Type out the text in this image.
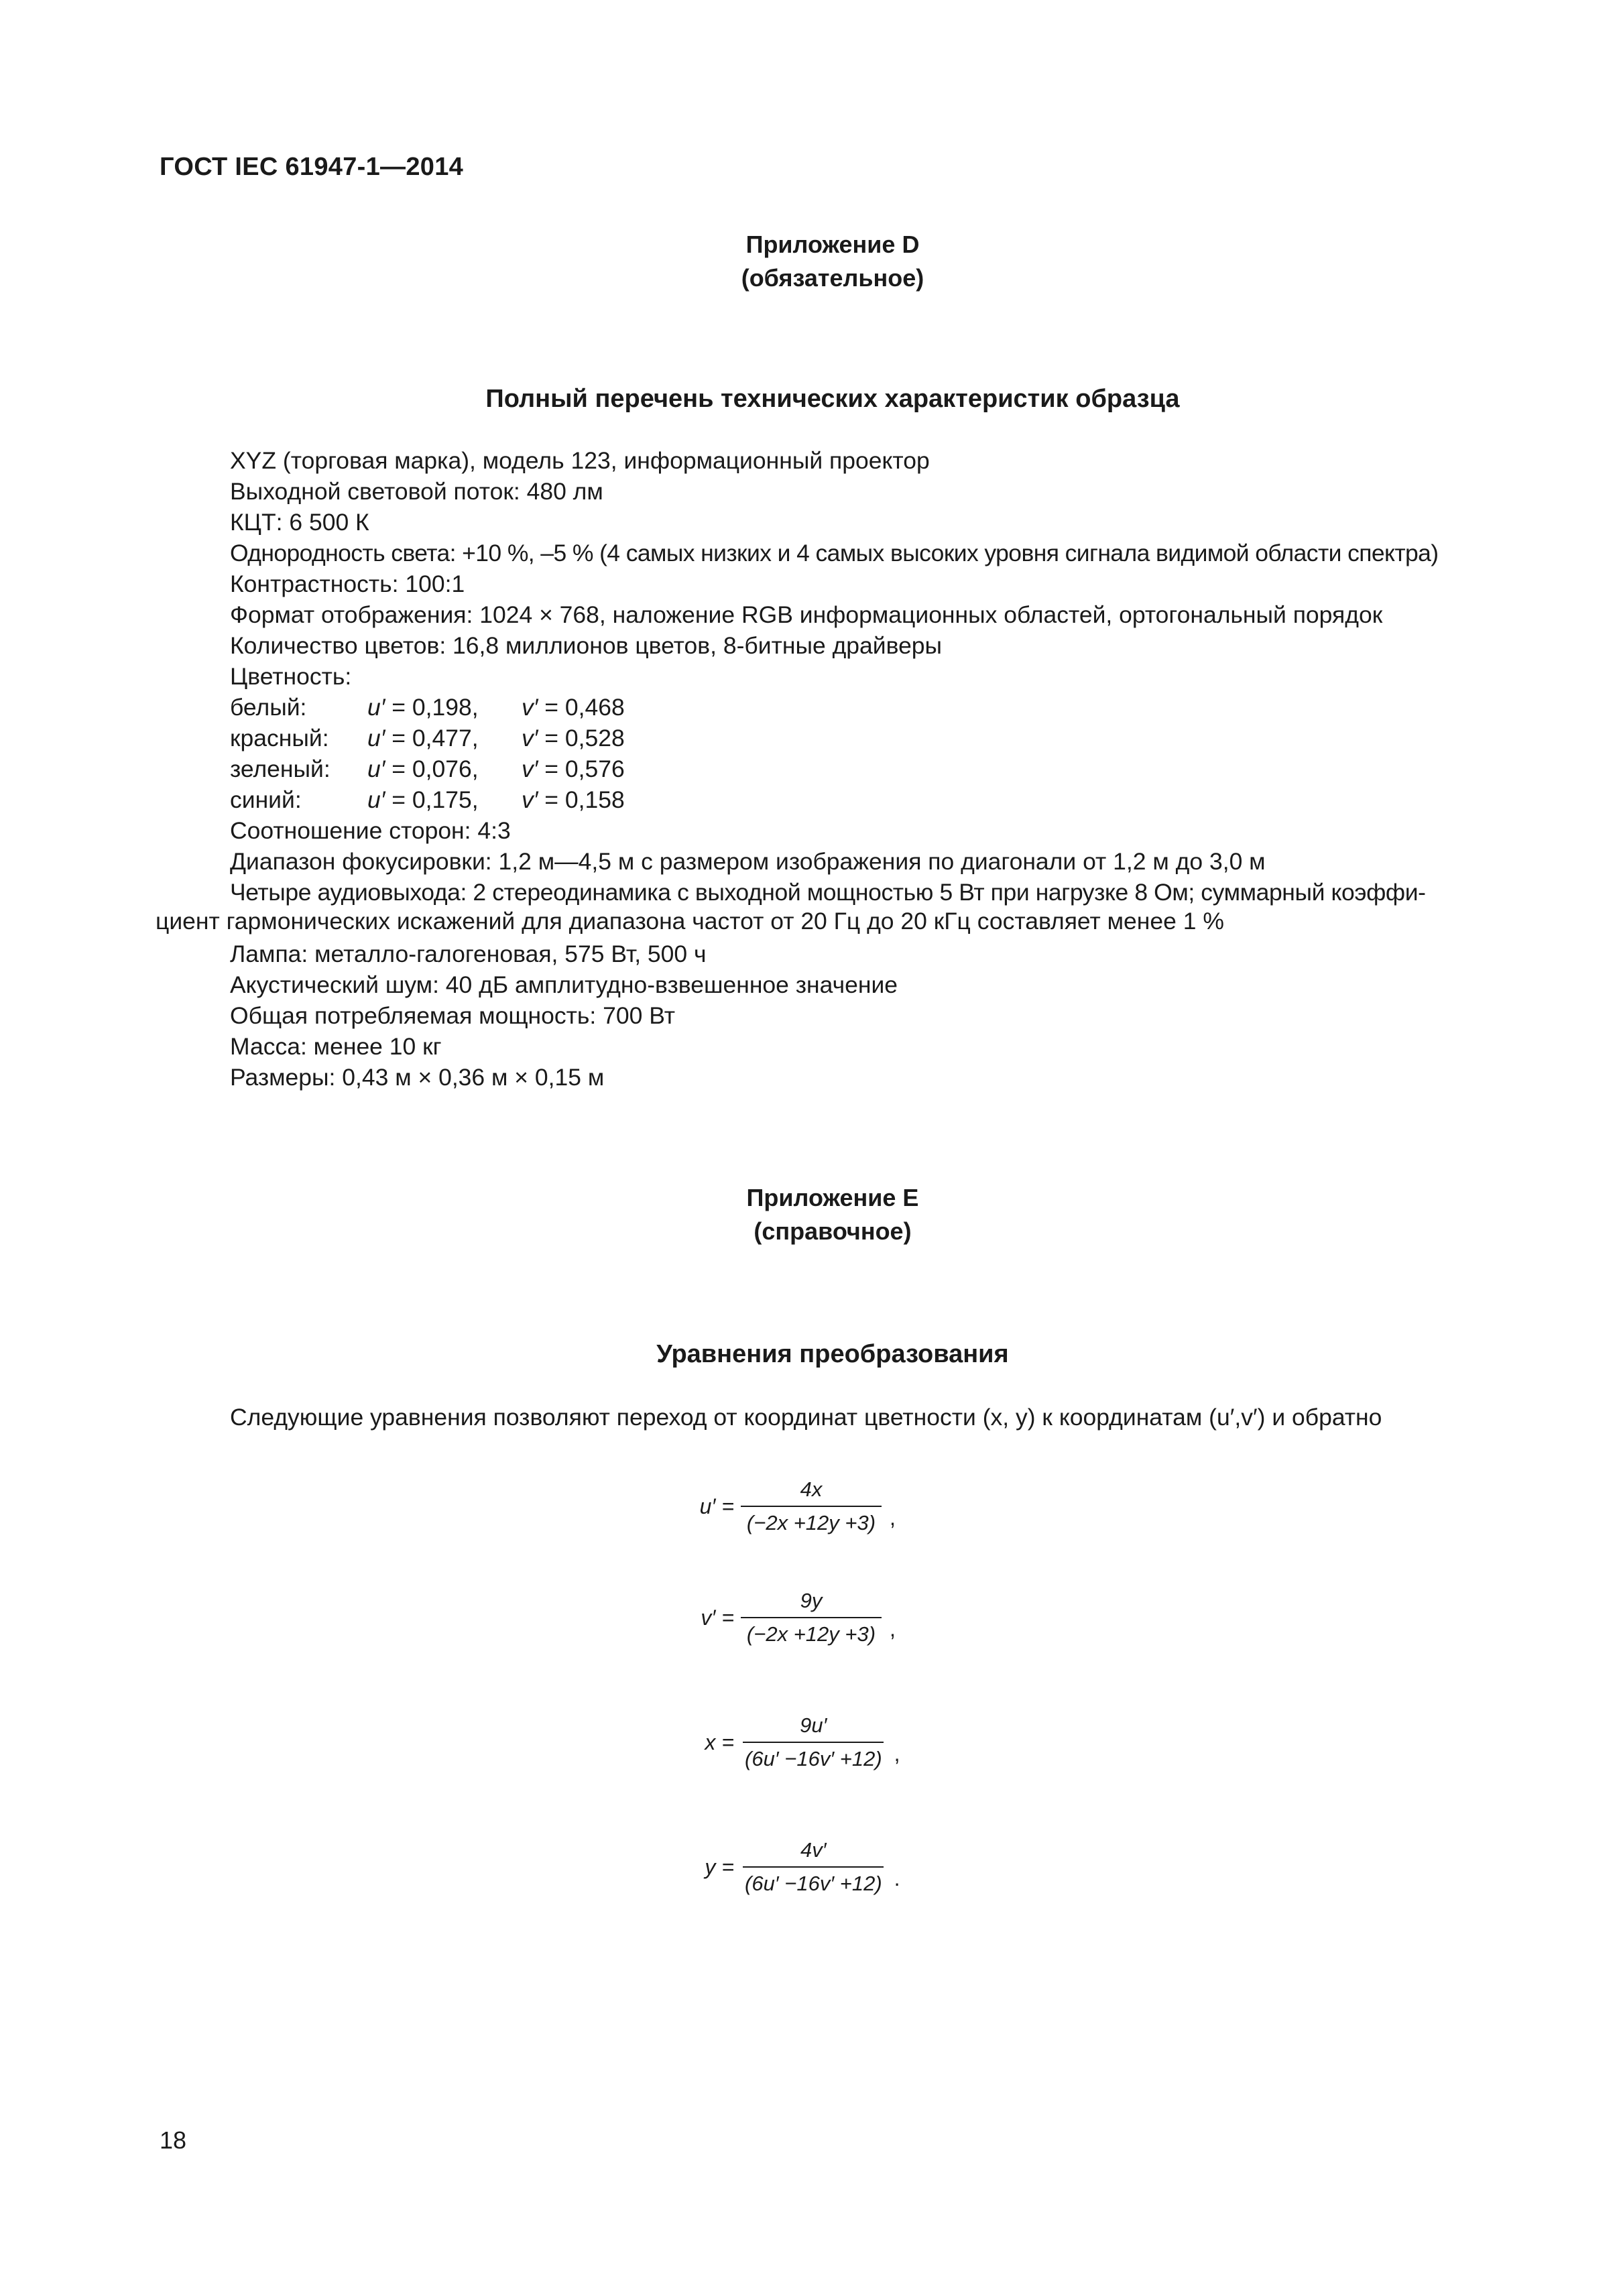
ГОСТ IEC 61947-1—2014
Приложение D
(обязательное)
Полный перечень технических характеристик образца
XYZ (торговая марка), модель 123, информационный проектор
Выходной световой поток: 480 лм
КЦТ: 6 500 К
Однородность света: +10 %, –5 % (4 самых низких и 4 самых высоких уровня сигнала видимой области спектра)
Контрастность: 100:1
Формат отображения: 1024 × 768, наложение RGB информационных областей, ортогональный порядок
Количество цветов: 16,8 миллионов цветов, 8-битные драйверы
Цветность:
белый:	u′ = 0,198,	v′ = 0,468
красный:	u′ = 0,477,	v′ = 0,528
зеленый:	u′ = 0,076,	v′ = 0,576
синий:	u′ = 0,175,	v′ = 0,158
Соотношение сторон: 4:3
Диапазон фокусировки: 1,2 м—4,5 м с размером изображения по диагонали от 1,2 м до 3,0 м
Четыре аудиовыхода: 2 стереодинамика с выходной мощностью 5 Вт при нагрузке 8 Ом; суммарный коэффи-
циент гармонических искажений для диапазона частот от 20 Гц до 20 кГц составляет менее 1 %
Лампа: металло-галогеновая, 575 Вт, 500 ч
Акустический шум: 40 дБ амплитудно-взвешенное значение
Общая потребляемая мощность: 700 Вт
Масса: менее 10 кг
Размеры: 0,43 м × 0,36 м × 0,15 м
Приложение E
(справочное)
Уравнения преобразования
Следующие уравнения позволяют переход от координат цветности (x, y) к координатам (u′,v′) и обратно
$u' = \frac{4x}{(-2x +12y +3)}$ ,
$v' = \frac{9y}{(-2x +12y +3)}$ ,
$x = \frac{9u'}{(6u' -16v' +12)}$ ,
$y = \frac{4v'}{(6u' -16v' +12)}$ .
18
